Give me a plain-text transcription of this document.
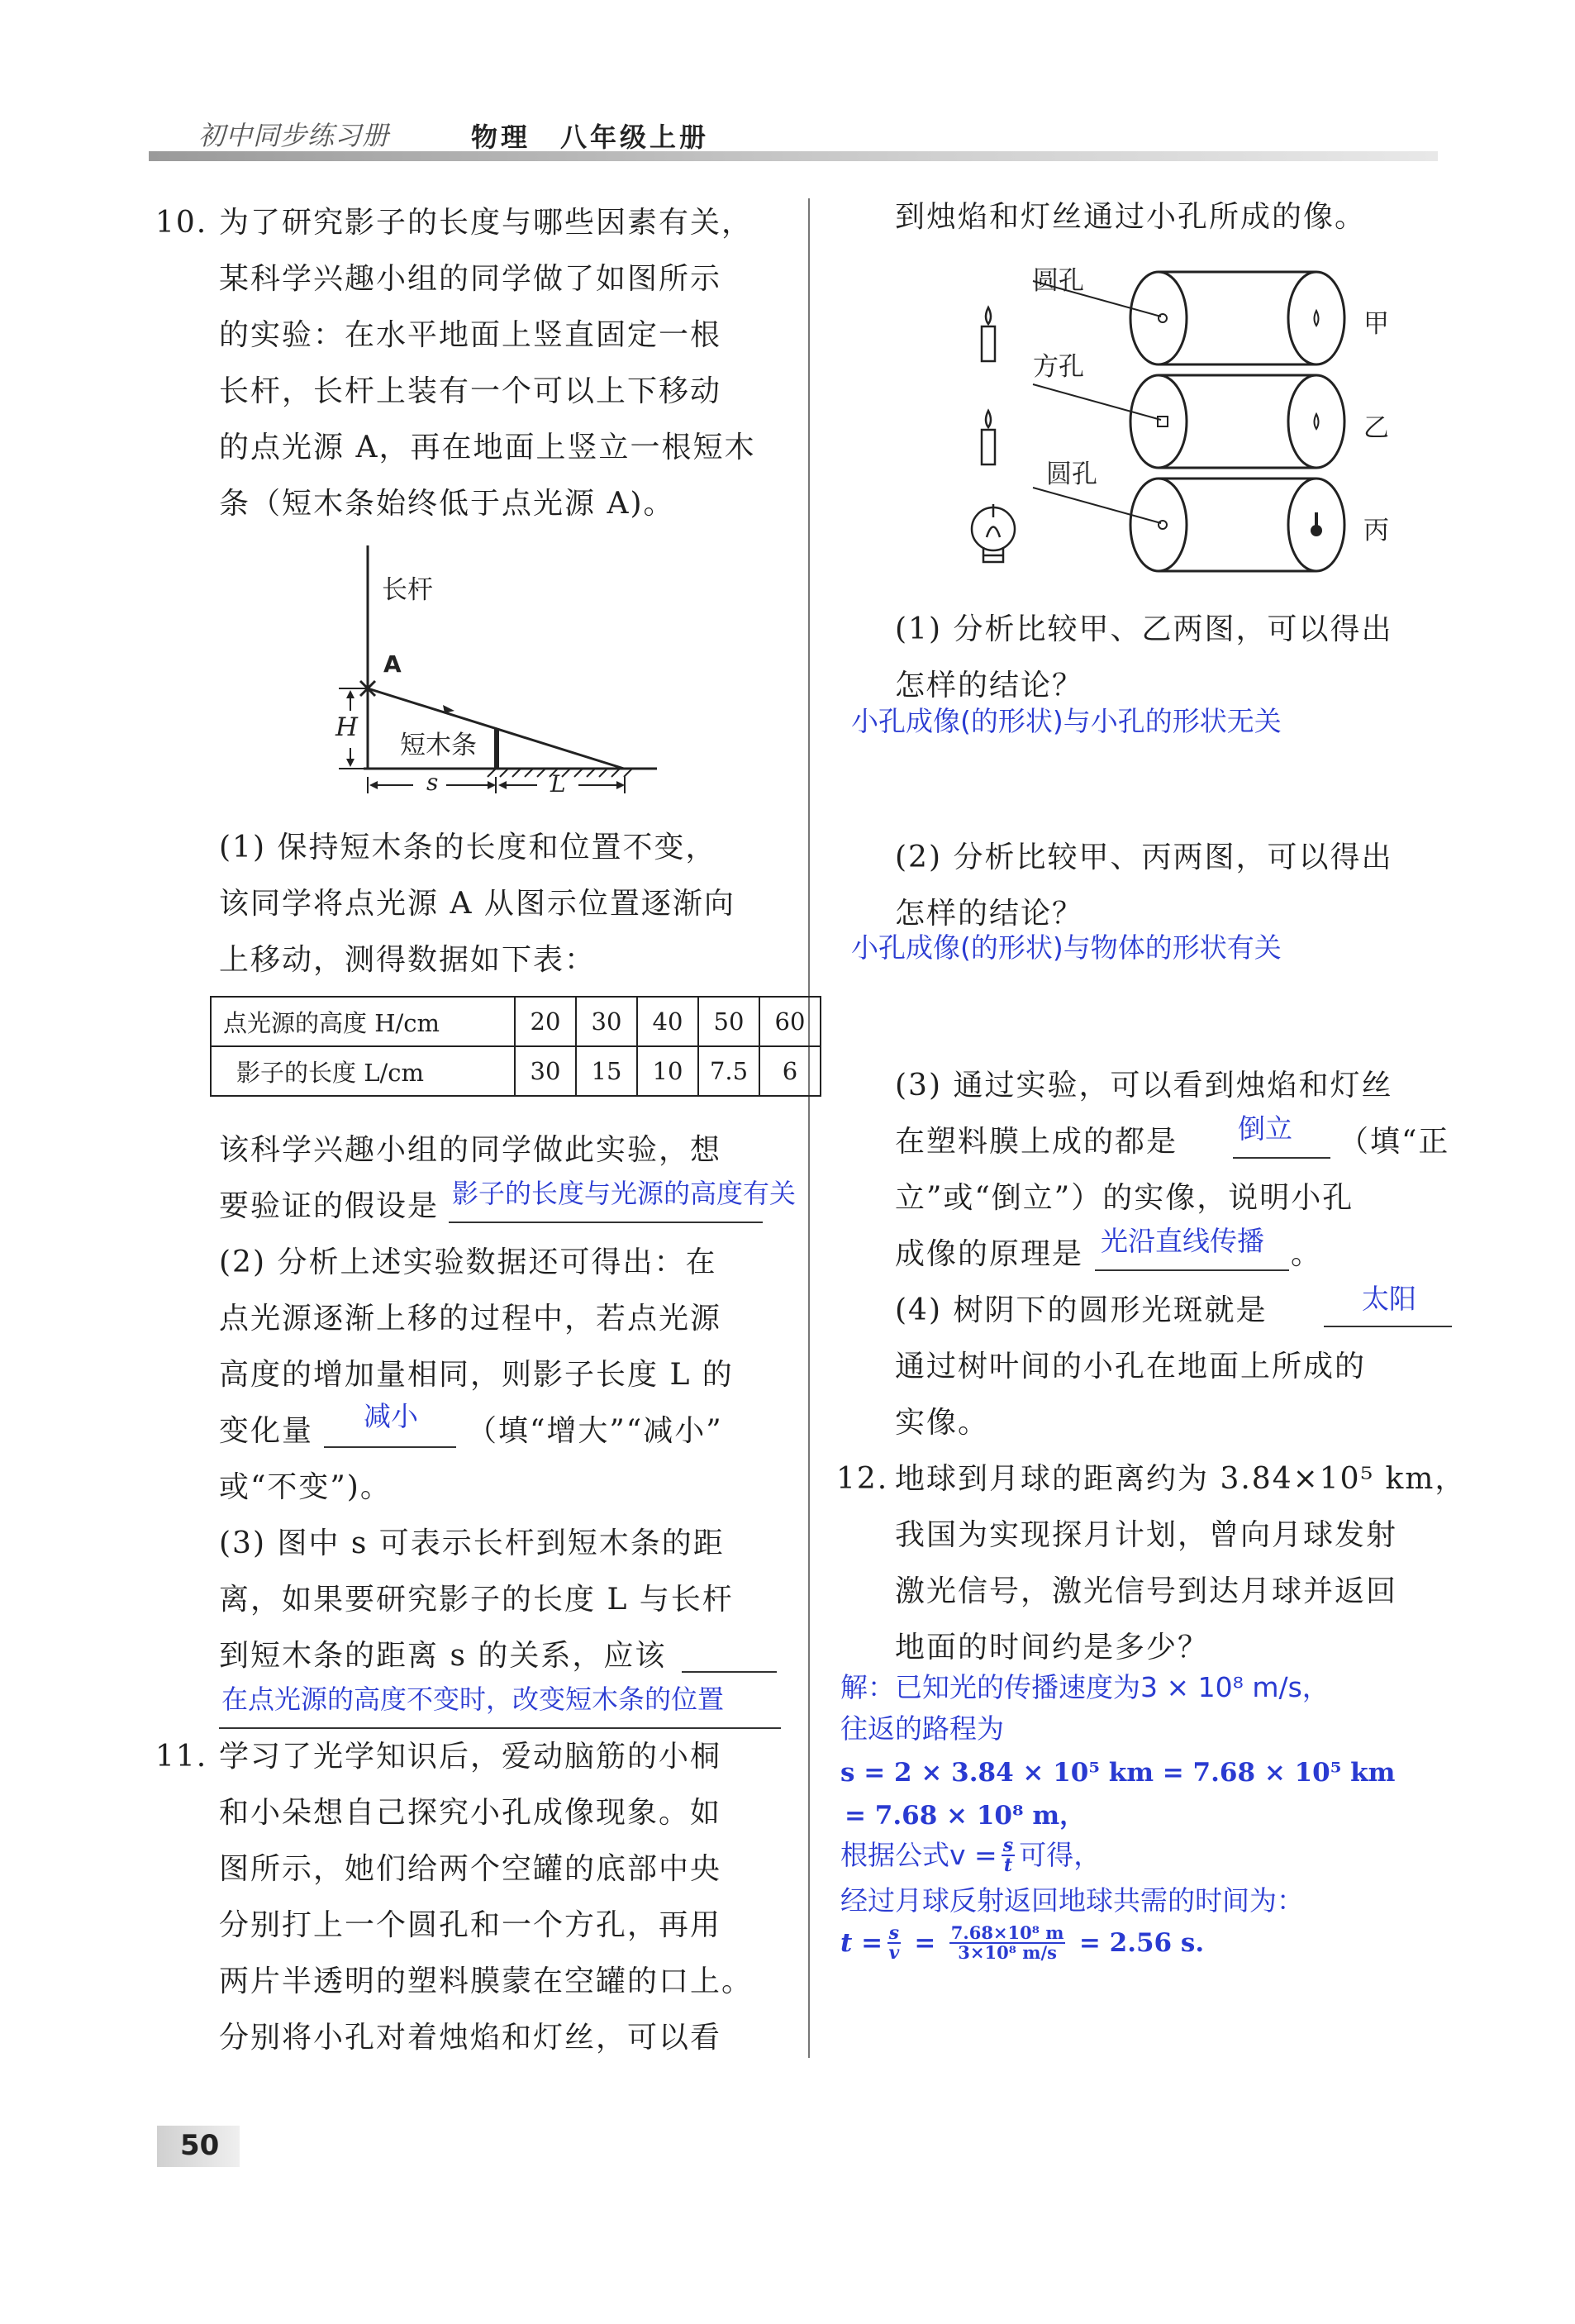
初中同步练习册	物理　八年级上册
10. 为了研究影子的长度与哪些因素有关，
某科学兴趣小组的同学做了如图所示
的实验：在水平地面上竖直固定一根
长杆，长杆上装有一个可以上下移动
的点光源 A，再在地面上竖立一根短木
条（短木条始终低于点光源 A)。
长杆
A
H
短木条
s	L
(1) 保持短木条的长度和位置不变，
该同学将点光源 A 从图示位置逐渐向
上移动，测得数据如下表：
点光源的高度 H/cm	20	30	40	50	60
影子的长度 L/cm	30	15	10	7.5	6
该科学兴趣小组的同学做此实验，想
要验证的假设是 影子的长度与光源的高度有关
(2) 分析上述实验数据还可得出：在
点光源逐渐上移的过程中，若点光源
高度的增加量相同，则影子长度 L 的
变化量 减小 （填“增大”“减小”
或“不变”)。
(3) 图中 s 可表示长杆到短木条的距
离，如果要研究影子的长度 L 与长杆
到短木条的距离 s 的关系，应该
在点光源的高度不变时，改变短木条的位置
11. 学习了光学知识后，爱动脑筋的小桐
和小朵想自己探究小孔成像现象。如
图所示，她们给两个空罐的底部中央
分别打上一个圆孔和一个方孔，再用
两片半透明的塑料膜蒙在空罐的口上。
分别将小孔对着烛焰和灯丝，可以看
到烛焰和灯丝通过小孔所成的像。
圆孔
方孔
圆孔
甲
乙
丙
(1) 分析比较甲、乙两图，可以得出
怎样的结论？
小孔成像(的形状)与小孔的形状无关
(2) 分析比较甲、丙两图，可以得出
怎样的结论？
小孔成像(的形状)与物体的形状有关
(3) 通过实验，可以看到烛焰和灯丝
在塑料膜上成的都是 倒立 （填“正
立”或“倒立”）的实像，说明小孔
成像的原理是 光沿直线传播 。
(4) 树阴下的圆形光斑就是	太阳
通过树叶间的小孔在地面上所成的
实像。
12. 地球到月球的距离约为 3.84×10⁵ km，
我国为实现探月计划，曾向月球发射
激光信号，激光信号到达月球并返回
地面的时间约是多少？
解：已知光的传播速度为3 × 10⁸ m/s，
往返的路程为
s = 2 × 3.84 × 10⁵ km = 7.68 × 10⁵ km
= 7.68 × 10⁸ m，
根据公式$v = \frac{s}{t}$ 可得，
经过月球反射返回地球共需的时间为：
$t = \frac{s}{v} = \frac{\text{7.68×10⁸ m}}{\text{3×10⁸ m/s}} = 2.56$ s.
50
